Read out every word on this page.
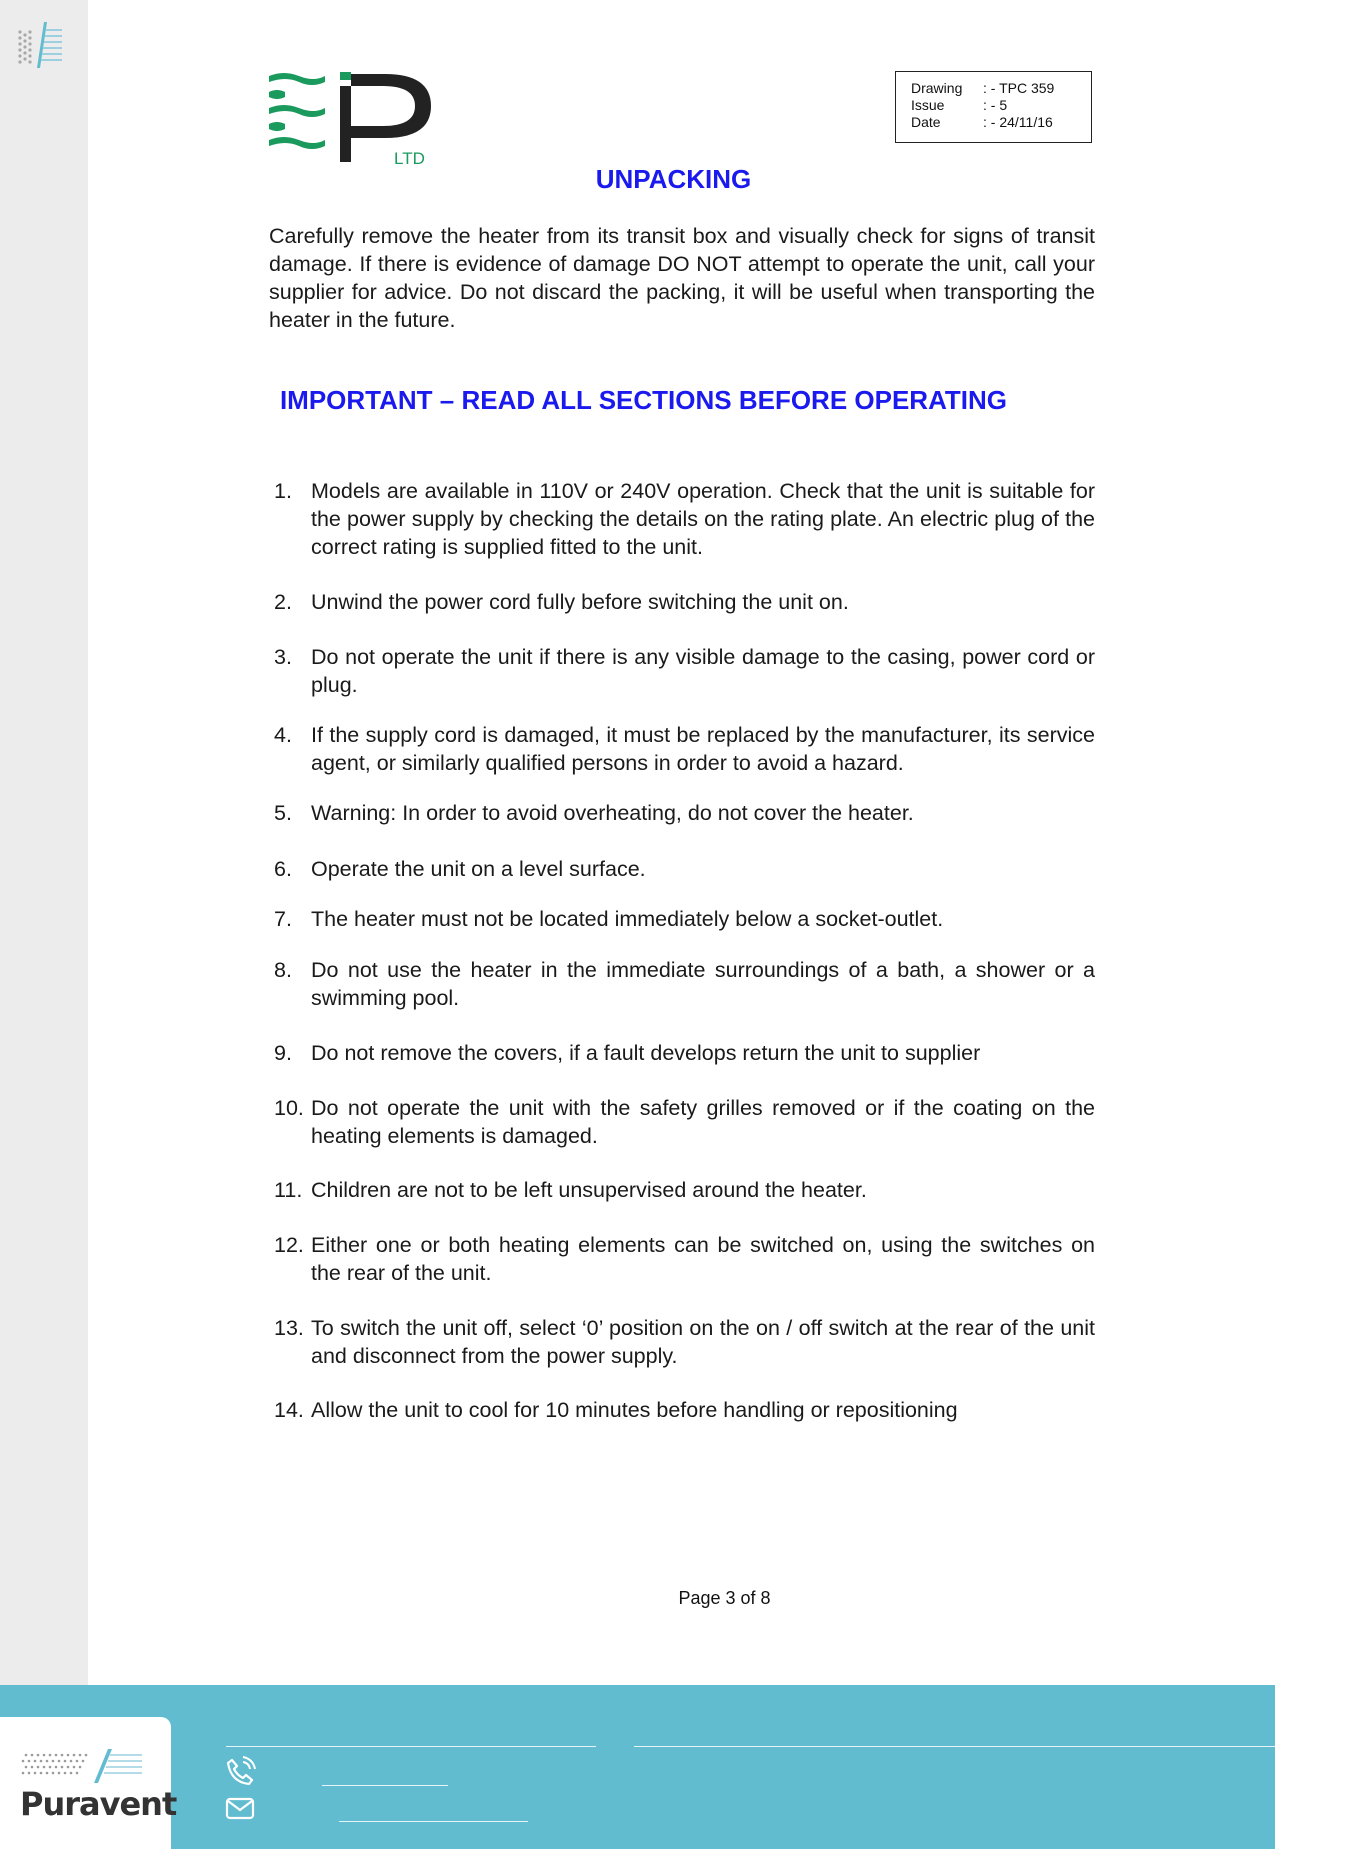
LTD
Drawing	: - TPC 359
Issue	: - 5
Date	: - 24/11/16
UNPACKING

Carefully remove the heater from its transit box and visually check for signs of transit damage. If there is evidence of damage DO NOT attempt to operate the unit, call your supplier for advice. Do not discard the packing, it will be useful when transporting the heater in the future.

IMPORTANT – READ ALL SECTIONS BEFORE OPERATING
1. Models are available in 110V or 240V operation. Check that the unit is suitable for the power supply by checking the details on the rating plate. An electric plug of the correct rating is supplied fitted to the unit.
2. Unwind the power cord fully before switching the unit on.
3. Do not operate the unit if there is any visible damage to the casing, power cord or plug.
4. If the supply cord is damaged, it must be replaced by the manufacturer, its service agent, or similarly qualified persons in order to avoid a hazard.
5. Warning: In order to avoid overheating, do not cover the heater.
6. Operate the unit on a level surface.
7. The heater must not be located immediately below a socket-outlet.
8. Do not use the heater in the immediate surroundings of a bath, a shower or a swimming pool.
9. Do not remove the covers, if a fault develops return the unit to supplier
10. Do not operate the unit with the safety grilles removed or if the coating on the heating elements is damaged.
11. Children are not to be left unsupervised around the heater.
12. Either one or both heating elements can be switched on, using the switches on the rear of the unit.
13. To switch the unit off, select ‘0’ position on the on / off switch at the rear of the unit and disconnect from the power supply.
14. Allow the unit to cool for 10 minutes before handling or repositioning
Page 3 of 8
Puravent
